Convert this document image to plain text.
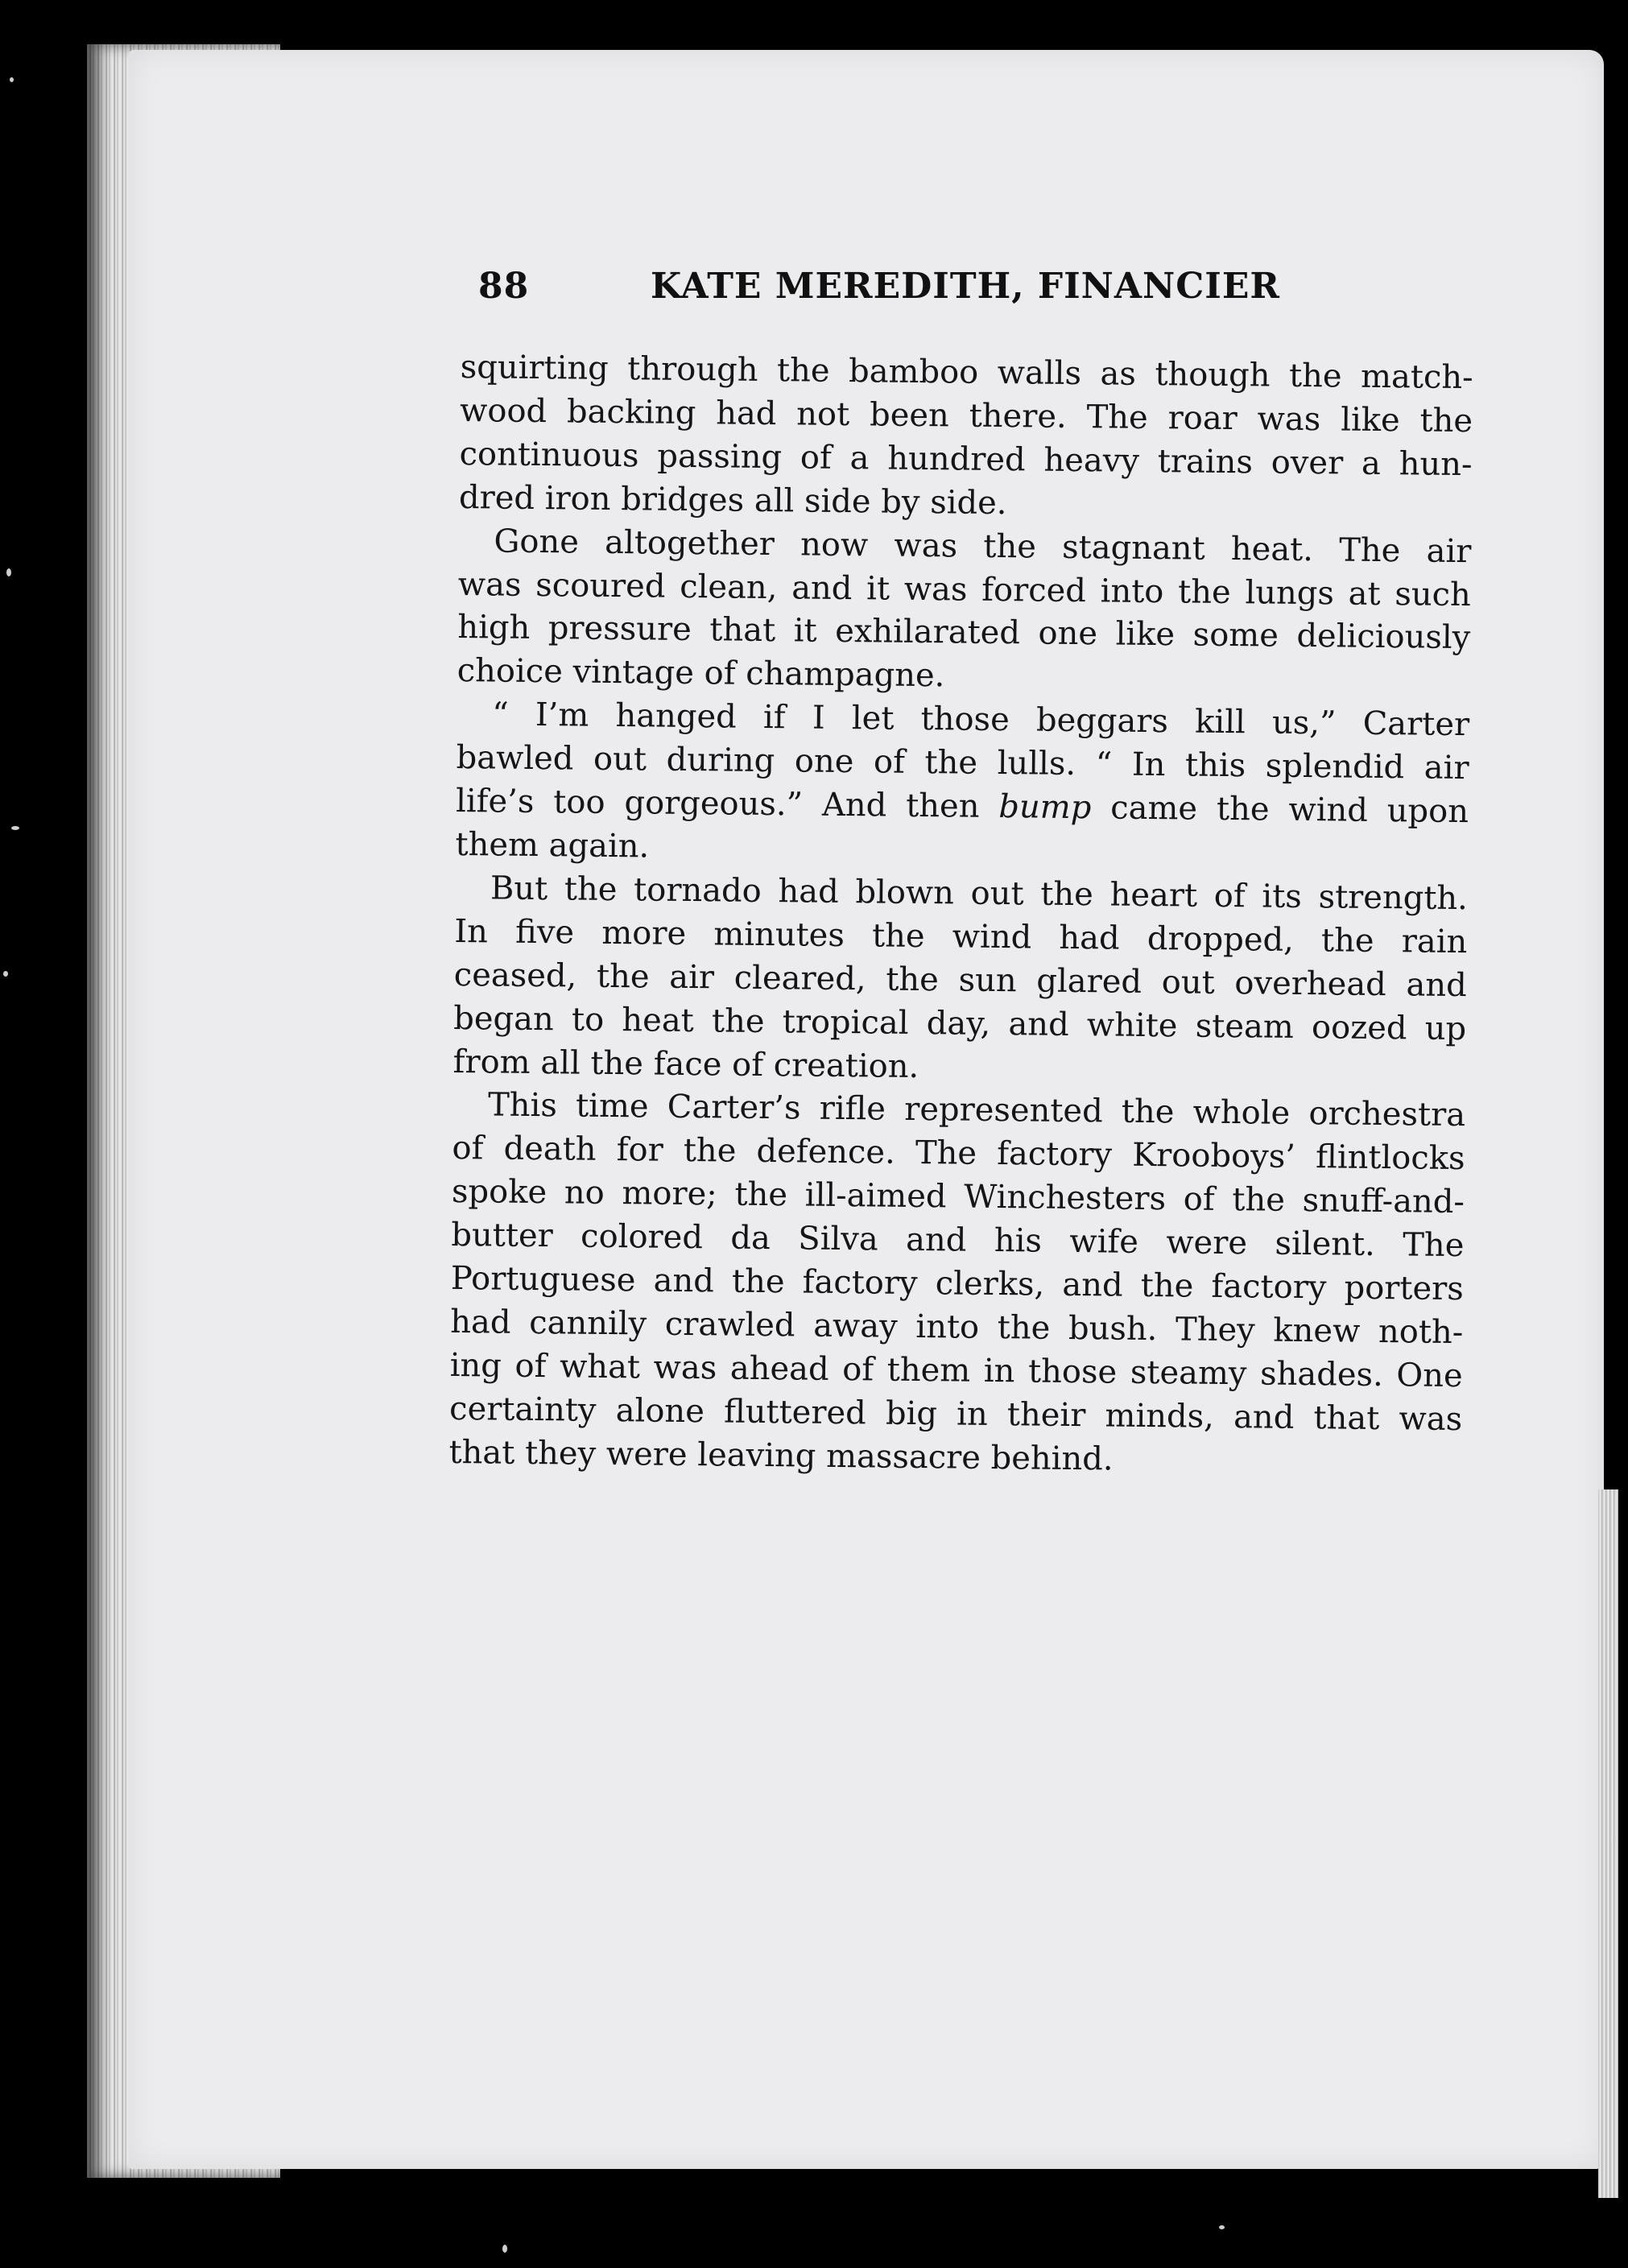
88	KATE MEREDITH, FINANCIER
squirting through the bamboo walls as though the match-
wood backing had not been there. The roar was like the
continuous passing of a hundred heavy trains over a hun-
dred iron bridges all side by side.
Gone altogether now was the stagnant heat. The air
was scoured clean, and it was forced into the lungs at such
high pressure that it exhilarated one like some deliciously
choice vintage of champagne.
“ I’m hanged if I let those beggars kill us,” Carter
bawled out during one of the lulls. “ In this splendid air
life’s too gorgeous.” And then bump came the wind upon
them again.
But the tornado had blown out the heart of its strength.
In five more minutes the wind had dropped, the rain
ceased, the air cleared, the sun glared out overhead and
began to heat the tropical day, and white steam oozed up
from all the face of creation.
This time Carter’s rifle represented the whole orchestra
of death for the defence. The factory Krooboys’ flintlocks
spoke no more; the ill-aimed Winchesters of the snuff-and-
butter colored da Silva and his wife were silent. The
Portuguese and the factory clerks, and the factory porters
had cannily crawled away into the bush. They knew noth-
ing of what was ahead of them in those steamy shades. One
certainty alone fluttered big in their minds, and that was
that they were leaving massacre behind.
